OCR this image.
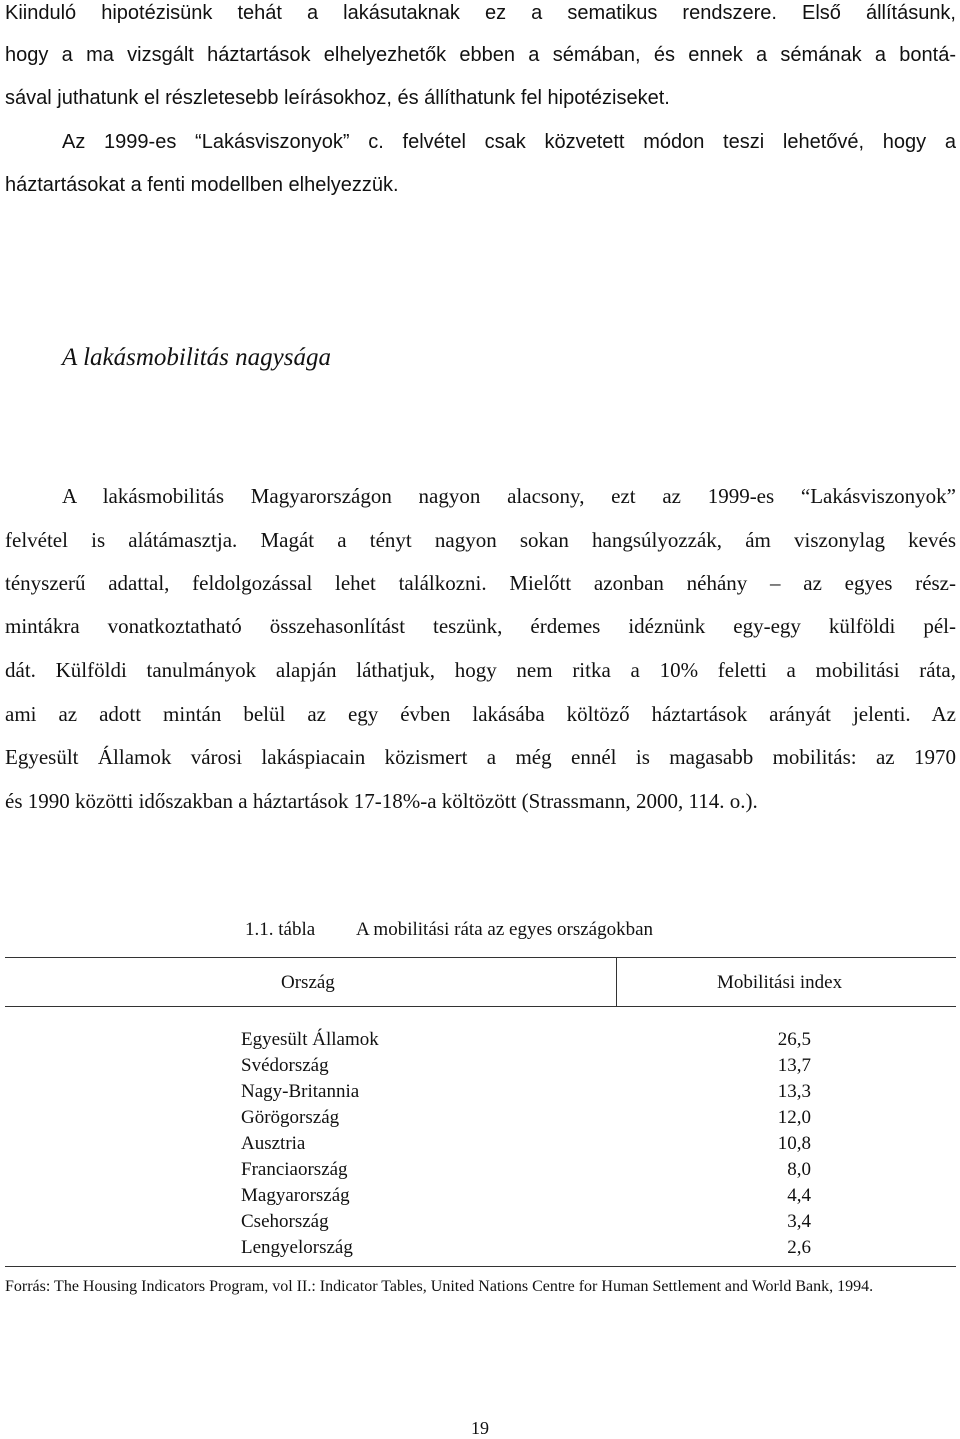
Kiinduló hipotézisünk tehát a lakásutaknak ez a sematikus rendszere. Első állításunk,
hogy a ma vizsgált háztartások elhelyezhetők ebben a sémában, és ennek a sémának a bontá-
sával juthatunk el részletesebb leírásokhoz, és állíthatunk fel hipotéziseket.
Az 1999-es “Lakásviszonyok” c. felvétel csak közvetett módon teszi lehetővé, hogy a
háztartásokat a fenti modellben elhelyezzük.
A lakásmobilitás nagysága
A lakásmobilitás Magyarországon nagyon alacsony, ezt az 1999-es “Lakásviszonyok”
felvétel is alátámasztja. Magát a tényt nagyon sokan hangsúlyozzák, ám viszonylag kevés
tényszerű adattal, feldolgozással lehet találkozni. Mielőtt azonban néhány – az egyes rész-
mintákra vonatkoztatható összehasonlítást teszünk, érdemes idéznünk egy-egy külföldi pél-
dát. Külföldi tanulmányok alapján láthatjuk, hogy nem ritka a 10% feletti a mobilitási ráta,
ami az adott mintán belül az egy évben lakásába költöző háztartások arányát jelenti. Az
Egyesült Államok városi lakáspiacain közismert a még ennél is magasabb mobilitás: az 1970
és 1990 közötti időszakban a háztartások 17-18%-a költözött (Strassmann, 2000, 114. o.).
1.1. tábla A mobilitási ráta az egyes országokban
Ország	Mobilitási index
Egyesült Államok	26,5
Svédország	13,7
Nagy-Britannia	13,3
Görögország	12,0
Ausztria	10,8
Franciaország	8,0
Magyarország	4,4
Csehország	3,4
Lengyelország	2,6

Forrás: The Housing Indicators Program, vol II.: Indicator Tables, United Nations Centre for Human Settlement and World Bank, 1994.

19
